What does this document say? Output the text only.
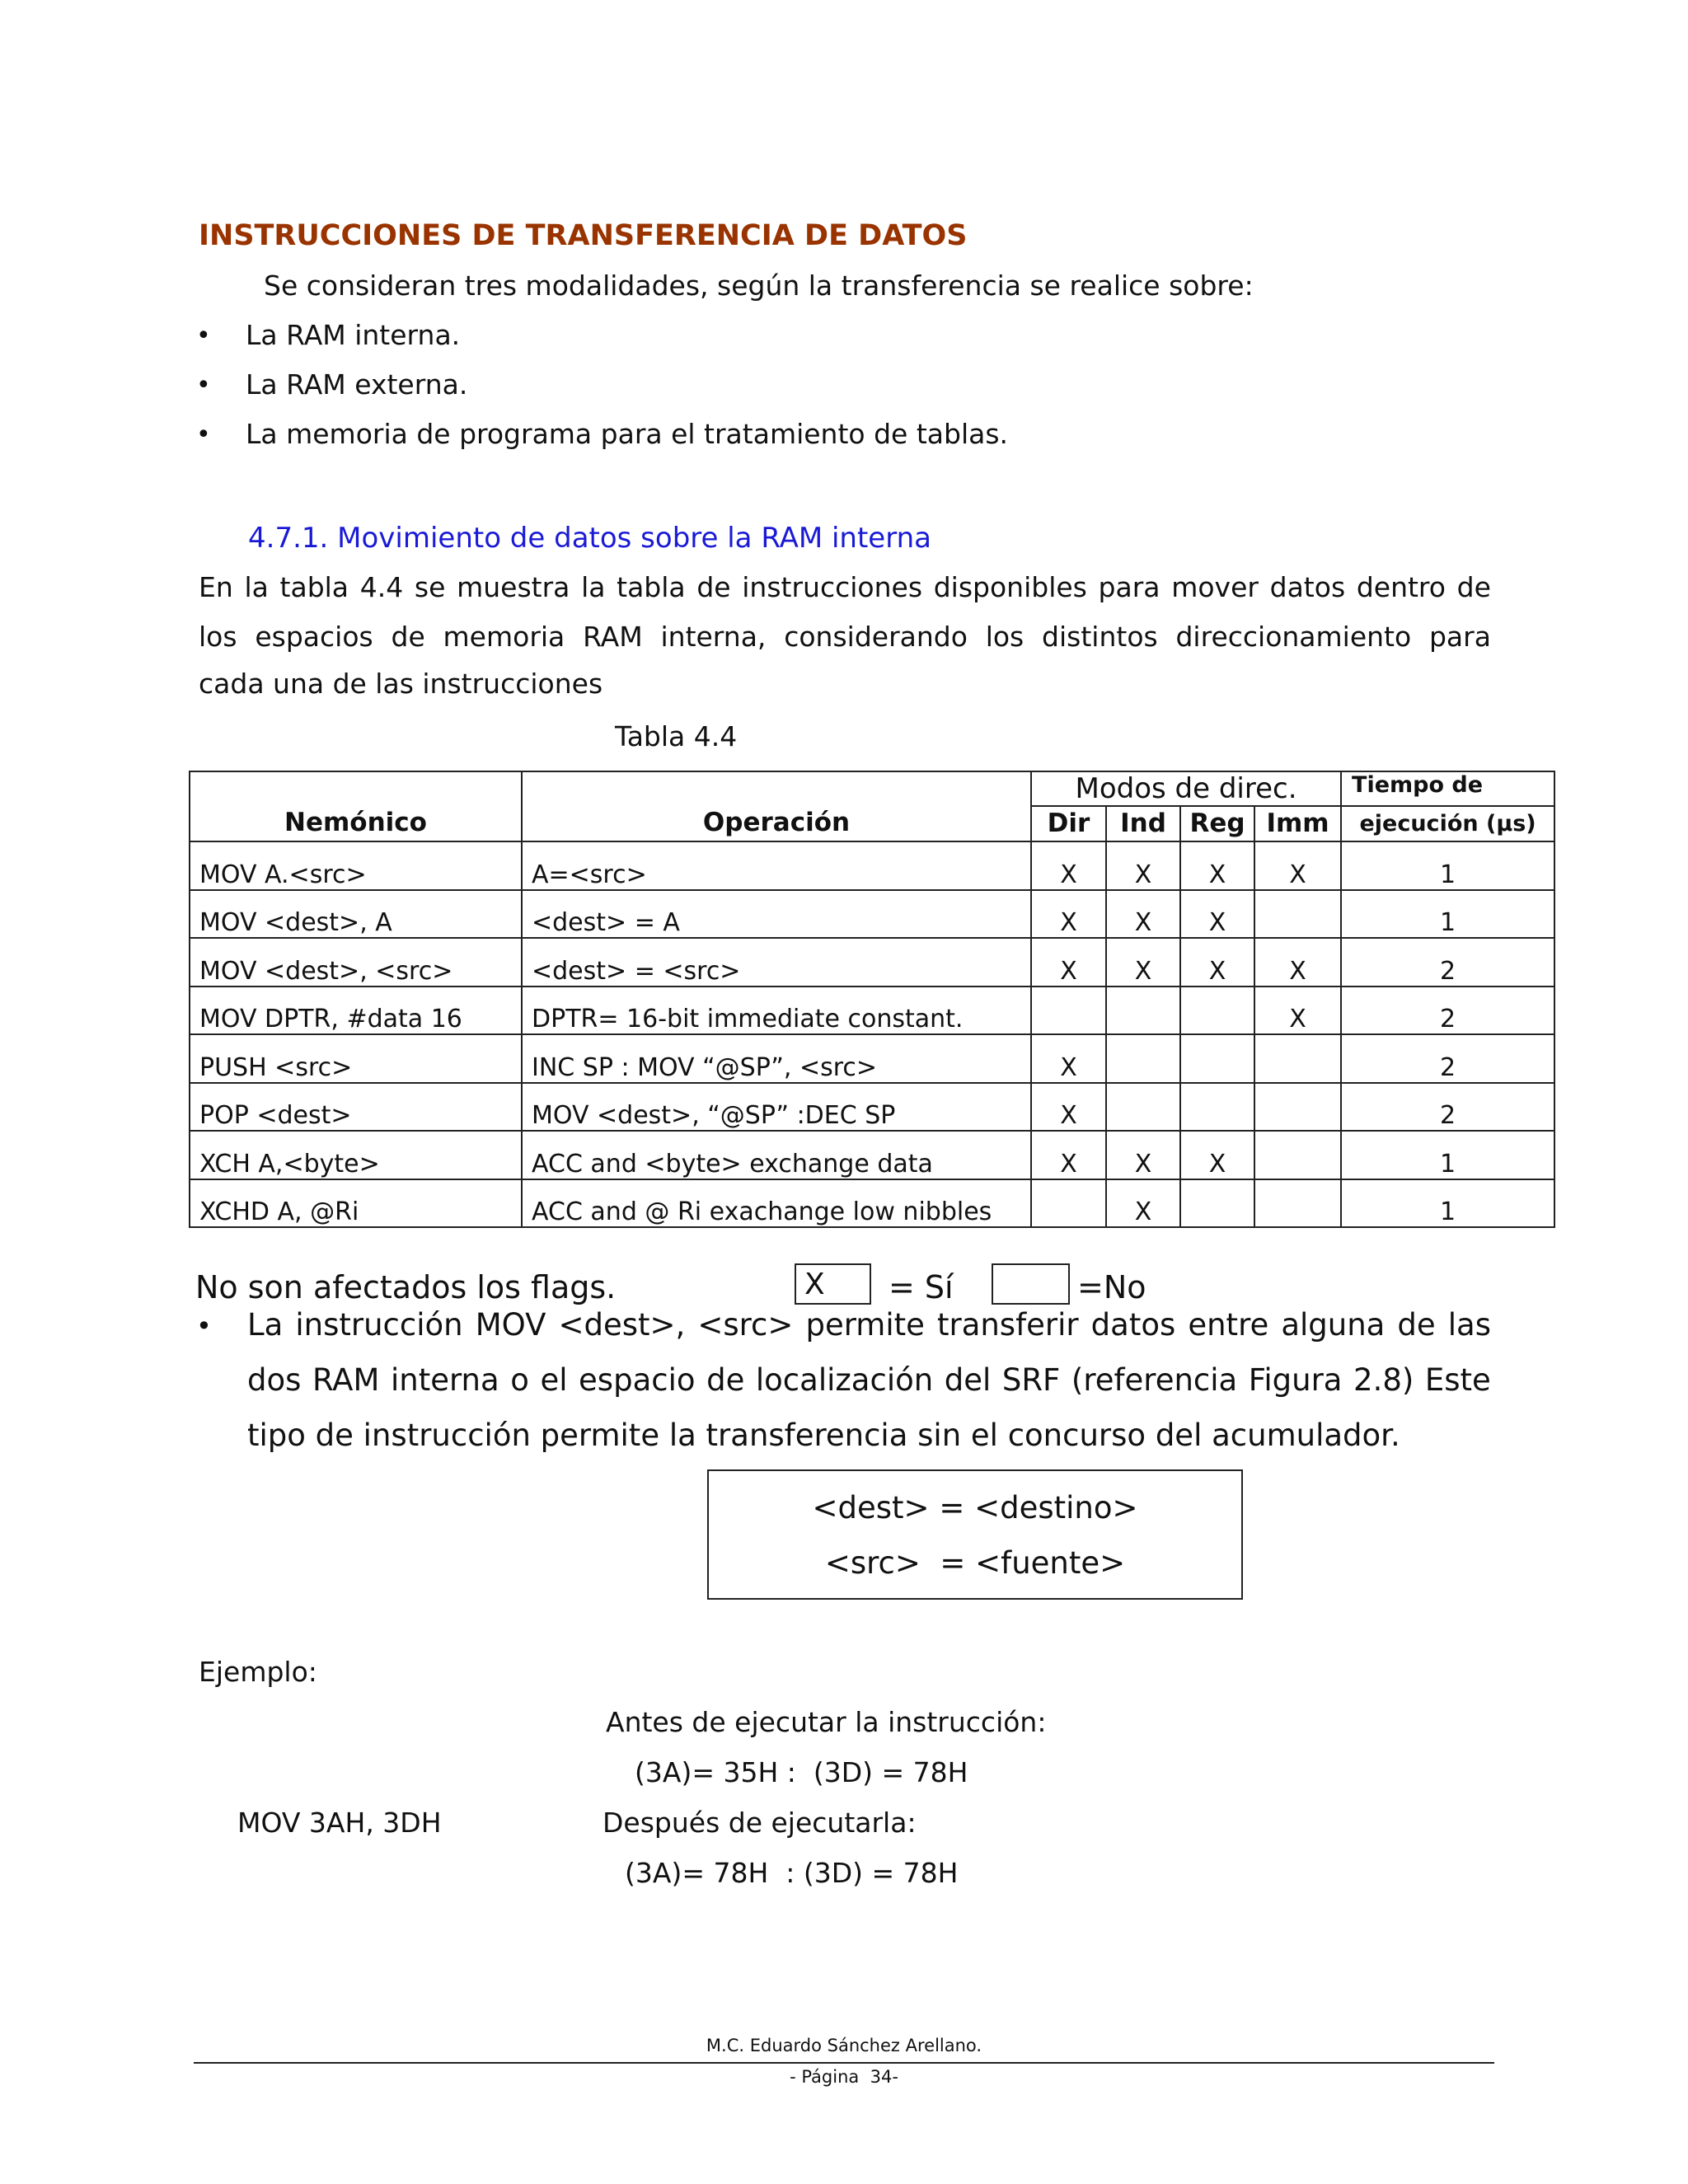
INSTRUCCIONES DE TRANSFERENCIA DE DATOS
Se consideran tres modalidades, según la transferencia se realice sobre:
• La RAM interna.
• La RAM externa.
• La memoria de programa para el tratamiento de tablas.
4.7.1. Movimiento de datos sobre la RAM interna
En la tabla 4.4 se muestra la tabla de instrucciones disponibles para mover datos dentro de
los espacios de memoria RAM interna, considerando los distintos direccionamiento para
cada una de las instrucciones
Tabla 4.4
Nemónico	Operación	Modos de direc.				Tiempo de
		Dir	Ind	Reg	Imm	ejecución (µs)
MOV A.<src>	A=<src>	X	X	X	X	1
MOV <dest>, A	<dest> = A	X	X	X		1
MOV <dest>, <src>	<dest> = <src>	X	X	X	X	2
MOV DPTR, #data 16	DPTR= 16-bit immediate constant.				X	2
PUSH <src>	INC SP : MOV “@SP”, <src>	X				2
POP <dest>	MOV <dest>, “@SP” :DEC SP	X				2
XCH A,<byte>	ACC and <byte> exchange data	X	X	X		1
XCHD A, @Ri	ACC and @ Ri exachange low nibbles		X			1
No son afectados los flags.	X = Sí	=No
• La instrucción MOV <dest>, <src> permite transferir datos entre alguna de las
dos RAM interna o el espacio de localización del SRF (referencia Figura 2.8) Este
tipo de instrucción permite la transferencia sin el concurso del acumulador.
<dest> = <destino>
<src>  = <fuente>
Ejemplo:
Antes de ejecutar la instrucción:
(3A)= 35H :  (3D) = 78H
MOV 3AH, 3DH	Después de ejecutarla:
(3A)= 78H  : (3D) = 78H
M.C. Eduardo Sánchez Arellano.
- Página  34-
